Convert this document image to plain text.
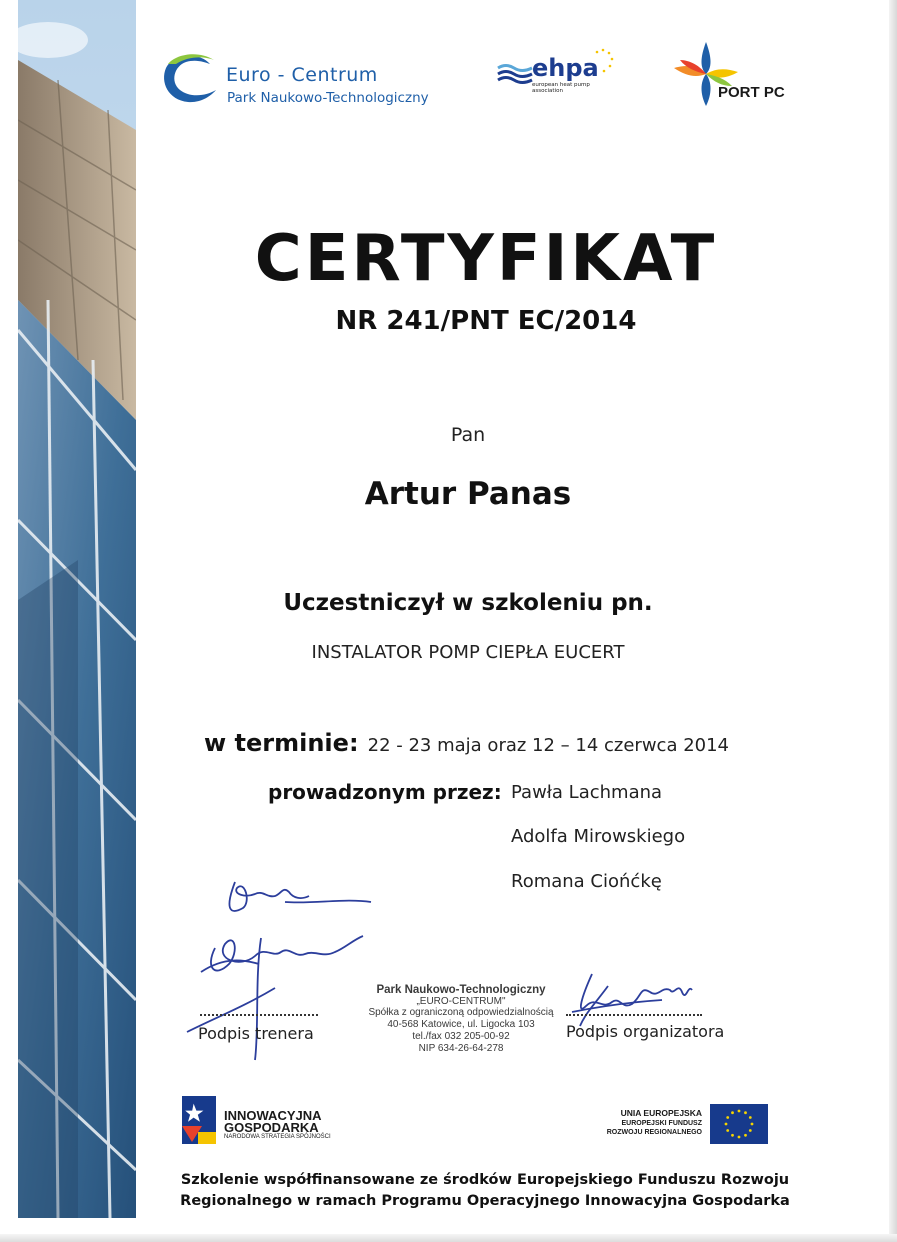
Euro - Centrum
Park Naukowo-Technologiczny
ehpa
european heat pump association	PORT PC
CERTYFIKAT
NR 241/PNT EC/2014
Pan
Artur Panas
Uczestniczył w szkoleniu pn.
INSTALATOR POMP CIEPŁA EUCERT
w terminie: 22 - 23 maja oraz 12 – 14 czerwca 2014
prowadzonym przez: Pawła Lachmana
Adolfa Mirowskiego
Romana Ciońćkę
Podpis trenera
Park Naukowo-Technologiczny
„EURO-CENTRUM"
Spółka z ograniczoną odpowiedzialnością
40-568 Katowice, ul. Ligocka 103
tel./fax 032 205-00-92
NIP 634-26-64-278
Podpis organizatora
INNOWACYJNA
GOSPODARKA
NARODOWA STRATEGIA SPÓJNOŚCI
UNIA EUROPEJSKA
EUROPEJSKI FUNDUSZ
ROZWOJU REGIONALNEGO
Szkolenie współfinansowane ze środków Europejskiego Funduszu Rozwoju
Regionalnego w ramach Programu Operacyjnego Innowacyjna Gospodarka
